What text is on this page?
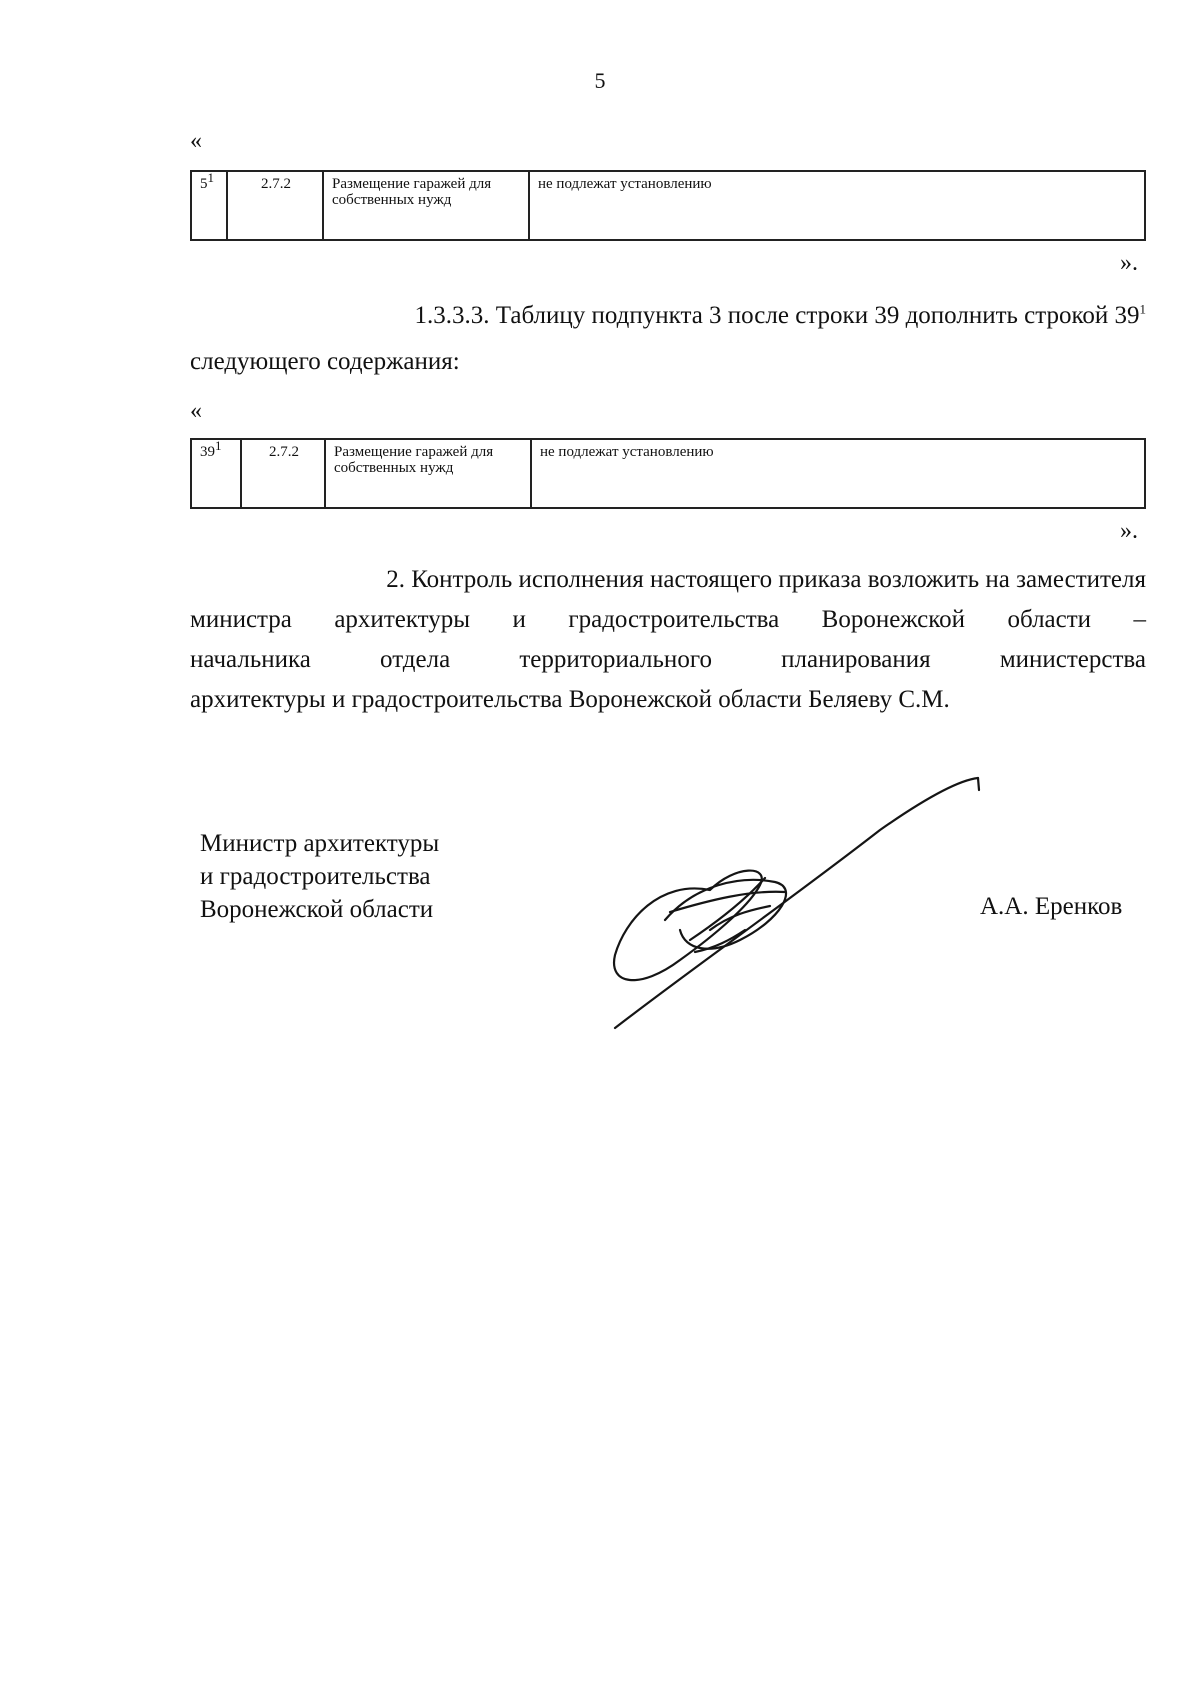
5
«
51	2.7.2	Размещение гаражей для собственных нужд	не подлежат установлению
».
1.3.3.3. Таблицу подпункта 3 после строки 39 дополнить строкой $39^1$
следующего содержания:
«
391	2.7.2	Размещение гаражей для собственных нужд	не подлежат установлению
».
2. Контроль исполнения настоящего приказа возложить на заместителя
министра архитектуры и градостроительства Воронежской области –
начальника отдела территориального планирования министерства
архитектуры и градостроительства Воронежской области Беляеву С.М.
Министр архитектуры
и градостроительства
Воронежской области	А.А. Еренков
